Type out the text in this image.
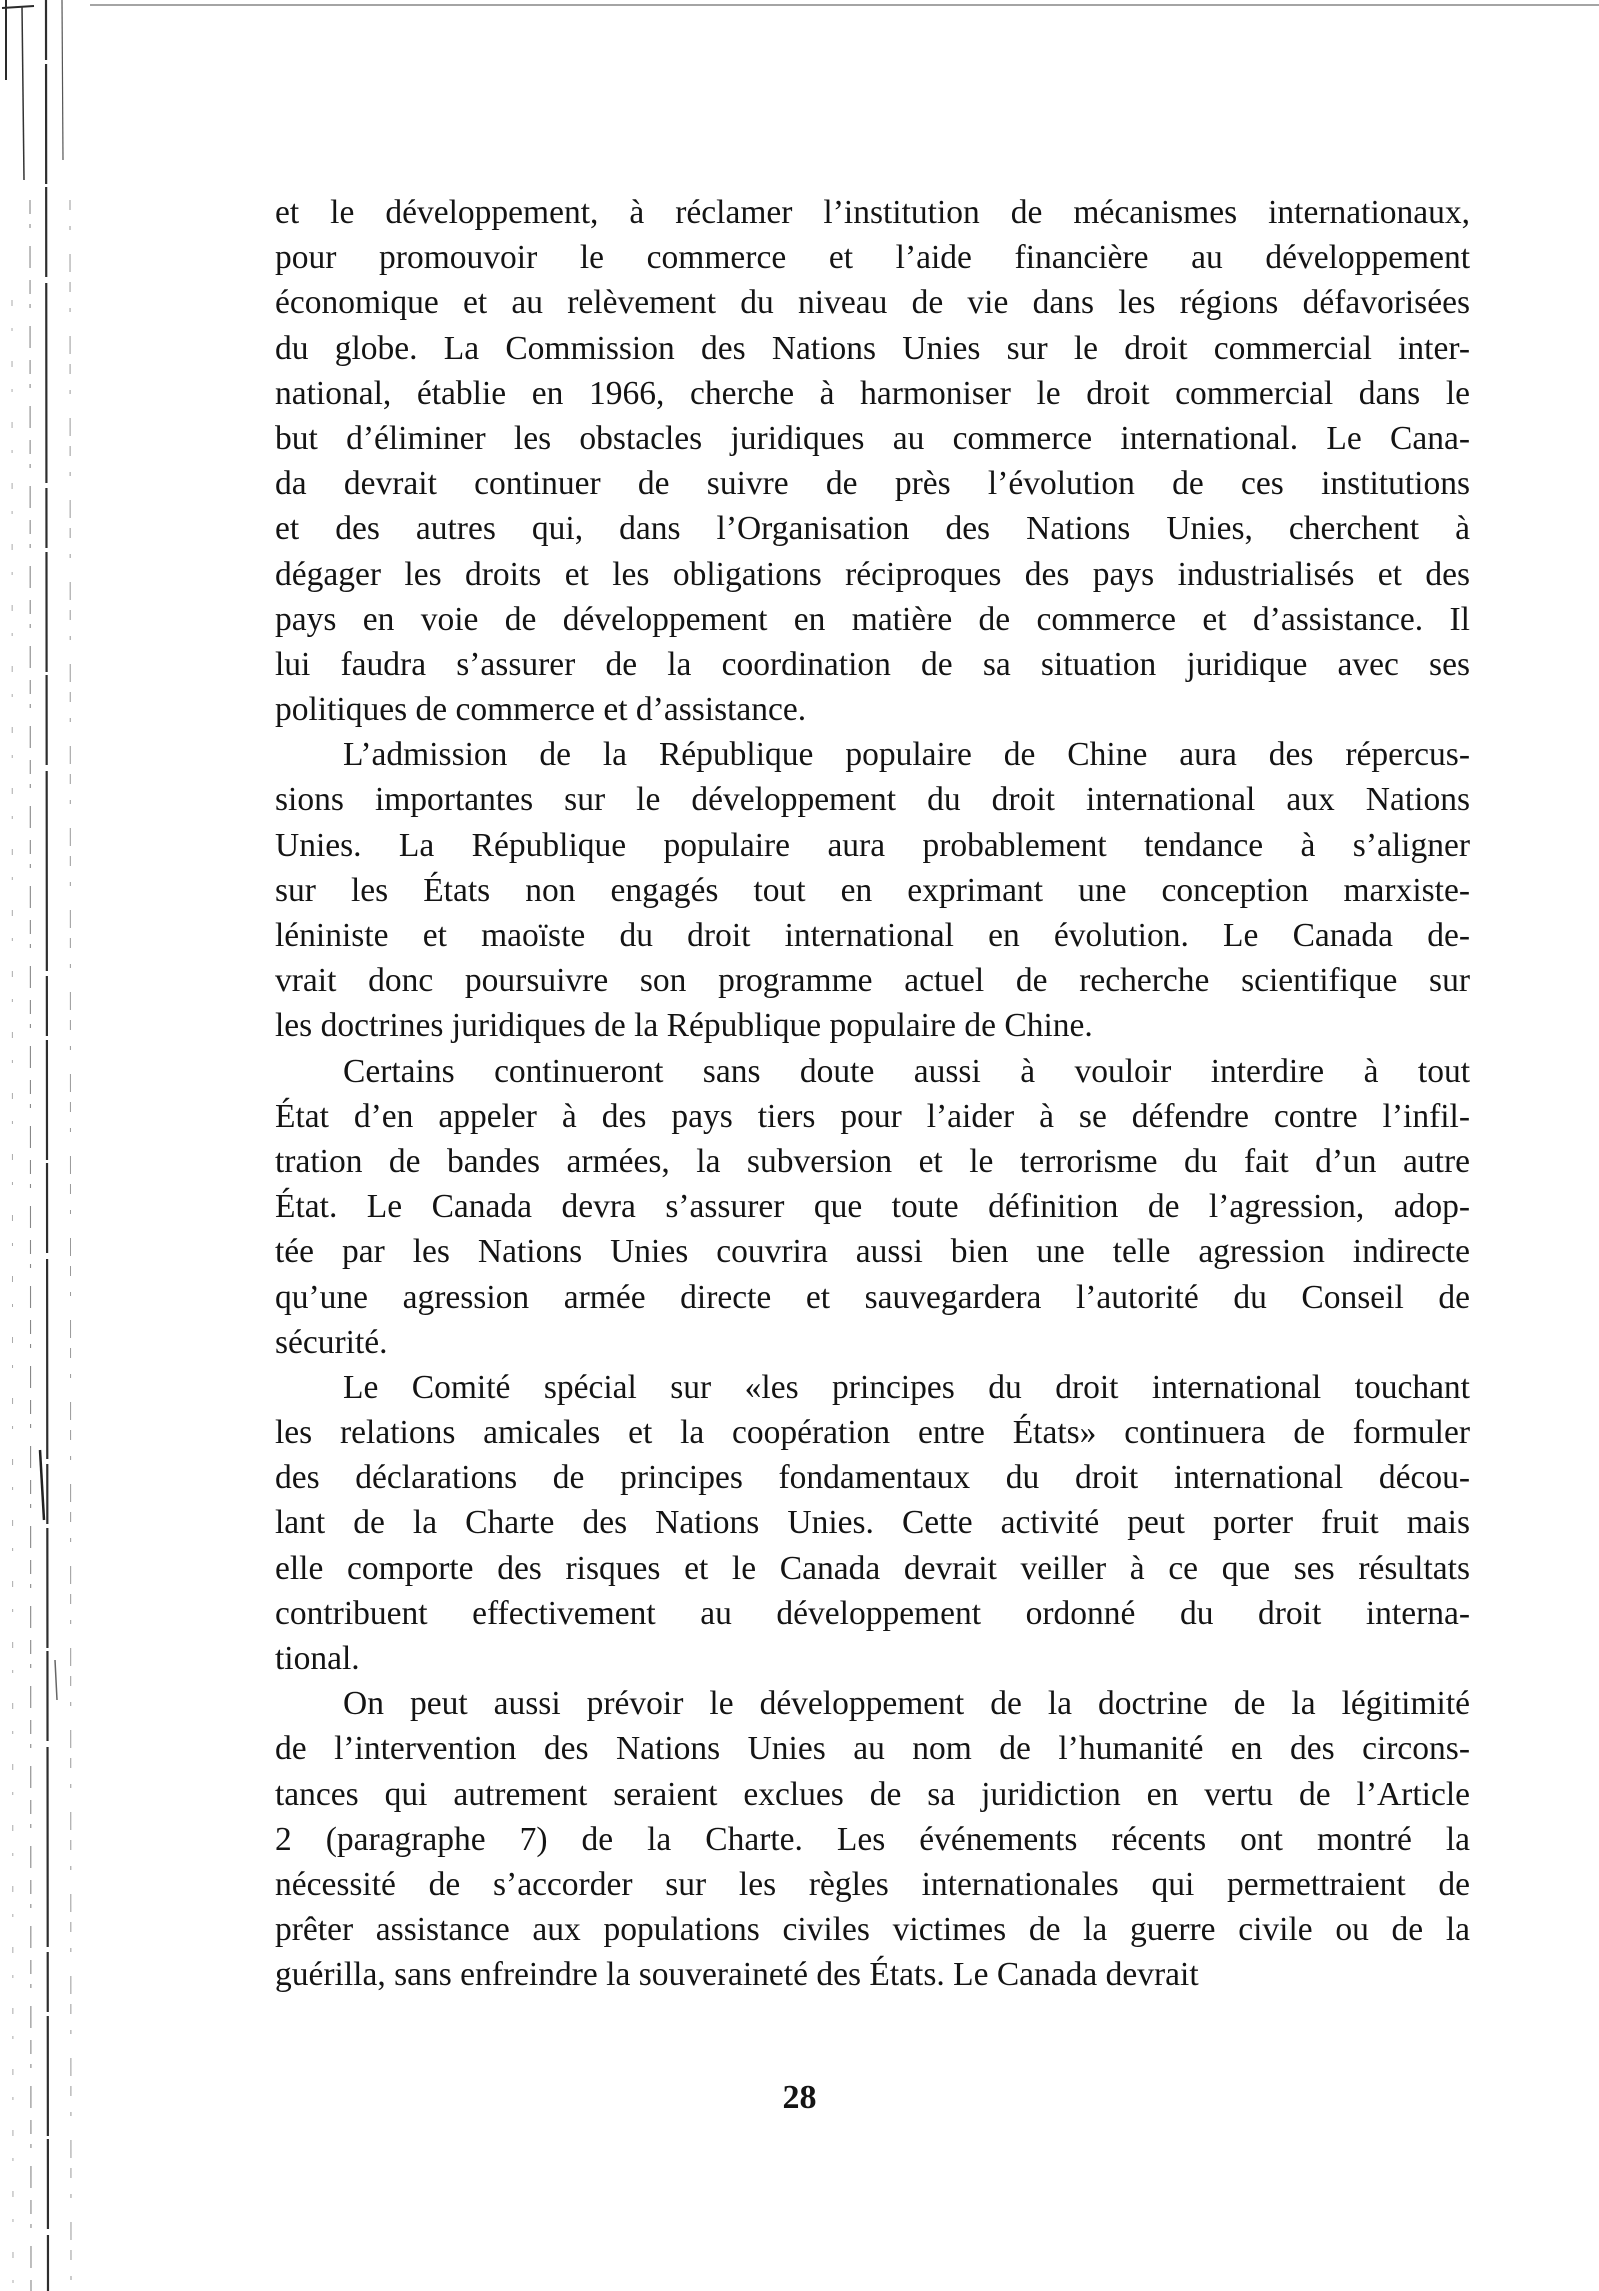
et le développement, à réclamer l’institution de mécanismes internationaux,
pour promouvoir le commerce et l’aide financière au développement
économique et au relèvement du niveau de vie dans les régions défavorisées
du globe. La Commission des Nations Unies sur le droit commercial inter-
national, établie en 1966, cherche à harmoniser le droit commercial dans le
but d’éliminer les obstacles juridiques au commerce international. Le Cana-
da devrait continuer de suivre de près l’évolution de ces institutions
et des autres qui, dans l’Organisation des Nations Unies, cherchent à
dégager les droits et les obligations réciproques des pays industrialisés et des
pays en voie de développement en matière de commerce et d’assistance. Il
lui faudra s’assurer de la coordination de sa situation juridique avec ses
politiques de commerce et d’assistance.
L’admission de la République populaire de Chine aura des répercus-
sions importantes sur le développement du droit international aux Nations
Unies. La République populaire aura probablement tendance à s’aligner
sur les États non engagés tout en exprimant une conception marxiste-
léniniste et maoïste du droit international en évolution. Le Canada de-
vrait donc poursuivre son programme actuel de recherche scientifique sur
les doctrines juridiques de la République populaire de Chine.
Certains continueront sans doute aussi à vouloir interdire à tout
État d’en appeler à des pays tiers pour l’aider à se défendre contre l’infil-
tration de bandes armées, la subversion et le terrorisme du fait d’un autre
État. Le Canada devra s’assurer que toute définition de l’agression, adop-
tée par les Nations Unies couvrira aussi bien une telle agression indirecte
qu’une agression armée directe et sauvegardera l’autorité du Conseil de
sécurité.
Le Comité spécial sur «les principes du droit international touchant
les relations amicales et la coopération entre États» continuera de formuler
des déclarations de principes fondamentaux du droit international décou-
lant de la Charte des Nations Unies. Cette activité peut porter fruit mais
elle comporte des risques et le Canada devrait veiller à ce que ses résultats
contribuent effectivement au développement ordonné du droit interna-
tional.
On peut aussi prévoir le développement de la doctrine de la légitimité
de l’intervention des Nations Unies au nom de l’humanité en des circons-
tances qui autrement seraient exclues de sa juridiction en vertu de l’Article
2 (paragraphe 7) de la Charte. Les événements récents ont montré la
nécessité de s’accorder sur les règles internationales qui permettraient de
prêter assistance aux populations civiles victimes de la guerre civile ou de la
guérilla, sans enfreindre la souveraineté des États. Le Canada devrait
28
